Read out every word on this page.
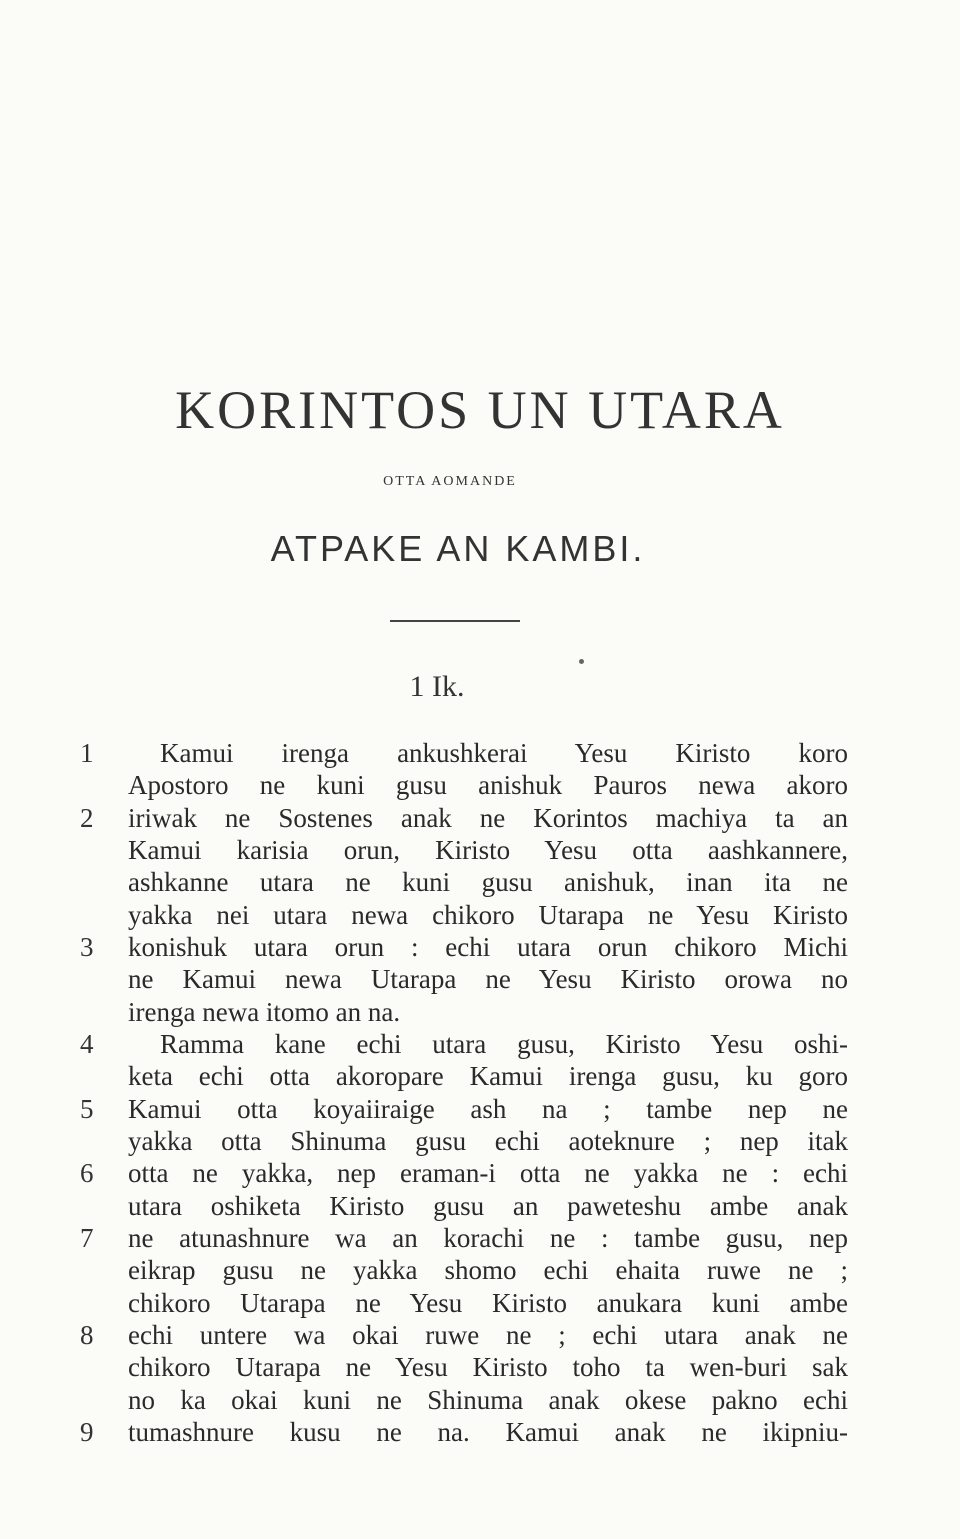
KORINTOS UN UTARA
OTTA AOMANDE
ATPAKE AN KAMBI.
1 Ik.
1	Kamui irenga ankushkerai Yesu Kiristo koro
Apostoro ne kuni gusu anishuk Pauros newa akoro
2	iriwak ne Sostenes anak ne Korintos machiya ta an
Kamui karisia orun, Kiristo Yesu otta aashkannere,
ashkanne utara ne kuni gusu anishuk, inan ita ne
yakka nei utara newa chikoro Utarapa ne Yesu Kiristo
3	konishuk utara orun : echi utara orun chikoro Michi
ne Kamui newa Utarapa ne Yesu Kiristo orowa no
irenga newa itomo an na.
4	Ramma kane echi utara gusu, Kiristo Yesu oshi-
keta echi otta akoropare Kamui irenga gusu, ku goro
5	Kamui otta koyaiiraige ash na ; tambe nep ne
yakka otta Shinuma gusu echi aoteknure ; nep itak
6	otta ne yakka, nep eraman-i otta ne yakka ne : echi
utara oshiketa Kiristo gusu an paweteshu ambe anak
7	ne atunashnure wa an korachi ne : tambe gusu, nep
eikrap gusu ne yakka shomo echi ehaita ruwe ne ;
chikoro Utarapa ne Yesu Kiristo anukara kuni ambe
8	echi untere wa okai ruwe ne ; echi utara anak ne
chikoro Utarapa ne Yesu Kiristo toho ta wen-buri sak
no ka okai kuni ne Shinuma anak okese pakno echi
9	tumashnure kusu ne na. Kamui anak ne ikipniu-
